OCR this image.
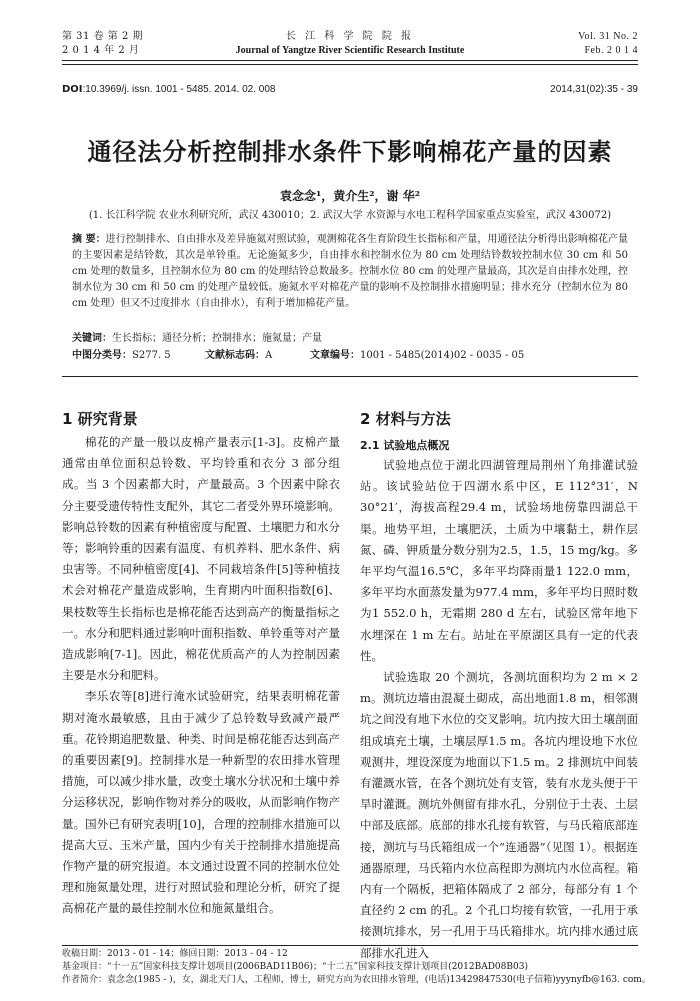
第 31 卷 第 2 期
2 0 1 4 年 2 月
长 江 科 学 院 院 报
Journal of Yangtze River Scientific Research Institute
Vol. 31 No. 2
Feb. 2 0 1 4
DOI:10.3969/j. issn. 1001 - 5485. 2014. 02. 008	2014,31(02):35 - 39
通径法分析控制排水条件下影响棉花产量的因素
袁念念¹，黄介生²，谢 华²
(1. 长江科学院 农业水利研究所，武汉 430010；2. 武汉大学 水资源与水电工程科学国家重点实验室，武汉 430072)
摘 要：进行控制排水、自由排水及差异施氮对照试验，观测棉花各生育阶段生长指标和产量，用通径法分析得出影响棉花产量的主要因素是结铃数，其次是单铃重。无论施氮多少，自由排水和控制水位为 80 cm 处理结铃数较控制水位 30 cm 和 50 cm 处理的数量多，且控制水位为 80 cm 的处理结铃总数最多。控制水位 80 cm 的处理产量最高，其次是自由排水处理，控制水位为 30 cm 和 50 cm 的处理产量较低。施氮水平对棉花产量的影响不及控制排水措施明显；排水充分（控制水位为 80 cm 处理）但又不过度排水（自由排水），有利于增加棉花产量。
关键词：生长指标；通径分析；控制排水；施氮量；产量
中图分类号：S277. 5	文献标志码：A	文章编号：1001 - 5485(2014)02 - 0035 - 05
1 研究背景

棉花的产量一般以皮棉产量表示[1-3]。皮棉产量通常由单位面积总铃数、平均铃重和衣分 3 部分组成。当 3 个因素都大时，产量最高。3 个因素中除衣分主要受遗传特性支配外，其它二者受外界环境影响。影响总铃数的因素有种植密度与配置、土壤肥力和水分等；影响铃重的因素有温度、有机养料、肥水条件、病虫害等。不同种植密度[4]、不同栽培条件[5]等种植技术会对棉花产量造成影响，生育期内叶面积指数[6]、果枝数等生长指标也是棉花能否达到高产的衡量指标之一。水分和肥料通过影响叶面积指数、单铃重等对产量造成影响[7-1]。因此，棉花优质高产的人为控制因素主要是水分和肥料。

李乐农等[8]进行淹水试验研究，结果表明棉花蕾期对淹水最敏感，且由于减少了总铃数导致减产最严重。花铃期追肥数量、种类、时间是棉花能否达到高产的重要因素[9]。控制排水是一种新型的农田排水管理措施，可以减少排水量，改变土壤水分状况和土壤中养分运移状况，影响作物对养分的吸收，从而影响作物产量。国外已有研究表明[10]，合理的控制排水措施可以提高大豆、玉米产量，国内少有关于控制排水措施提高作物产量的研究报道。本文通过设置不同的控制水位处理和施氮量处理，进行对照试验和理论分析，研究了提高棉花产量的最佳控制水位和施氮量组合。

2 材料与方法
2.1 试验地点概况

试验地点位于湖北四湖管理局荆州丫角排灌试验站。该试验站位于四湖水系中区，E 112°31′，N 30°21′，海拔高程29.4 m，试验场地傍靠四湖总干渠。地势平坦，土壤肥沃，土质为中壤黏土，耕作层氮、磷、钾质量分数分别为2.5，1.5，15 mg/kg。多年平均气温16.5℃，多年平均降雨量1 122.0 mm，多年平均水面蒸发量为977.4 mm，多年平均日照时数为1 552.0 h，无霜期 280 d 左右，试验区常年地下水埋深在 1 m 左右。站址在平原湖区具有一定的代表性。

试验选取 20 个测坑，各测坑面积均为 2 m × 2 m。测坑边墙由混凝土砌成，高出地面1.8 m，相邻测坑之间没有地下水位的交叉影响。坑内按大田土壤剖面组成填充土壤，土壤层厚1.5 m。各坑内埋设地下水位观测井，埋设深度为地面以下1.5 m。2 排测坑中间装有灌溉水管，在各个测坑处有支管，装有水龙头便于干旱时灌溉。测坑外侧留有排水孔，分别位于土表、土层中部及底部。底部的排水孔接有软管，与马氏箱底部连接，测坑与马氏箱组成一个“连通器”（见图 1）。根据连通器原理，马氏箱内水位高程即为测坑内水位高程。箱内有一个隔板，把箱体隔成了 2 部分，每部分有 1 个直径约 2 cm 的孔。2 个孔口均接有软管，一孔用于承接测坑排水，另一孔用于马氏箱排水。坑内排水通过底部排水孔进入

收稿日期：2013 - 01 - 14；修回日期：2013 - 04 - 12
基金项目：“十一五”国家科技支撑计划项目(2006BAD11B06)；“十二五”国家科技支撑计划项目(2012BAD08B03)
作者简介：袁念念(1985 - )，女，湖北天门人，工程师，博士，研究方向为农田排水管理，(电话)13429847530(电子信箱)yyynyfb@163. com。
